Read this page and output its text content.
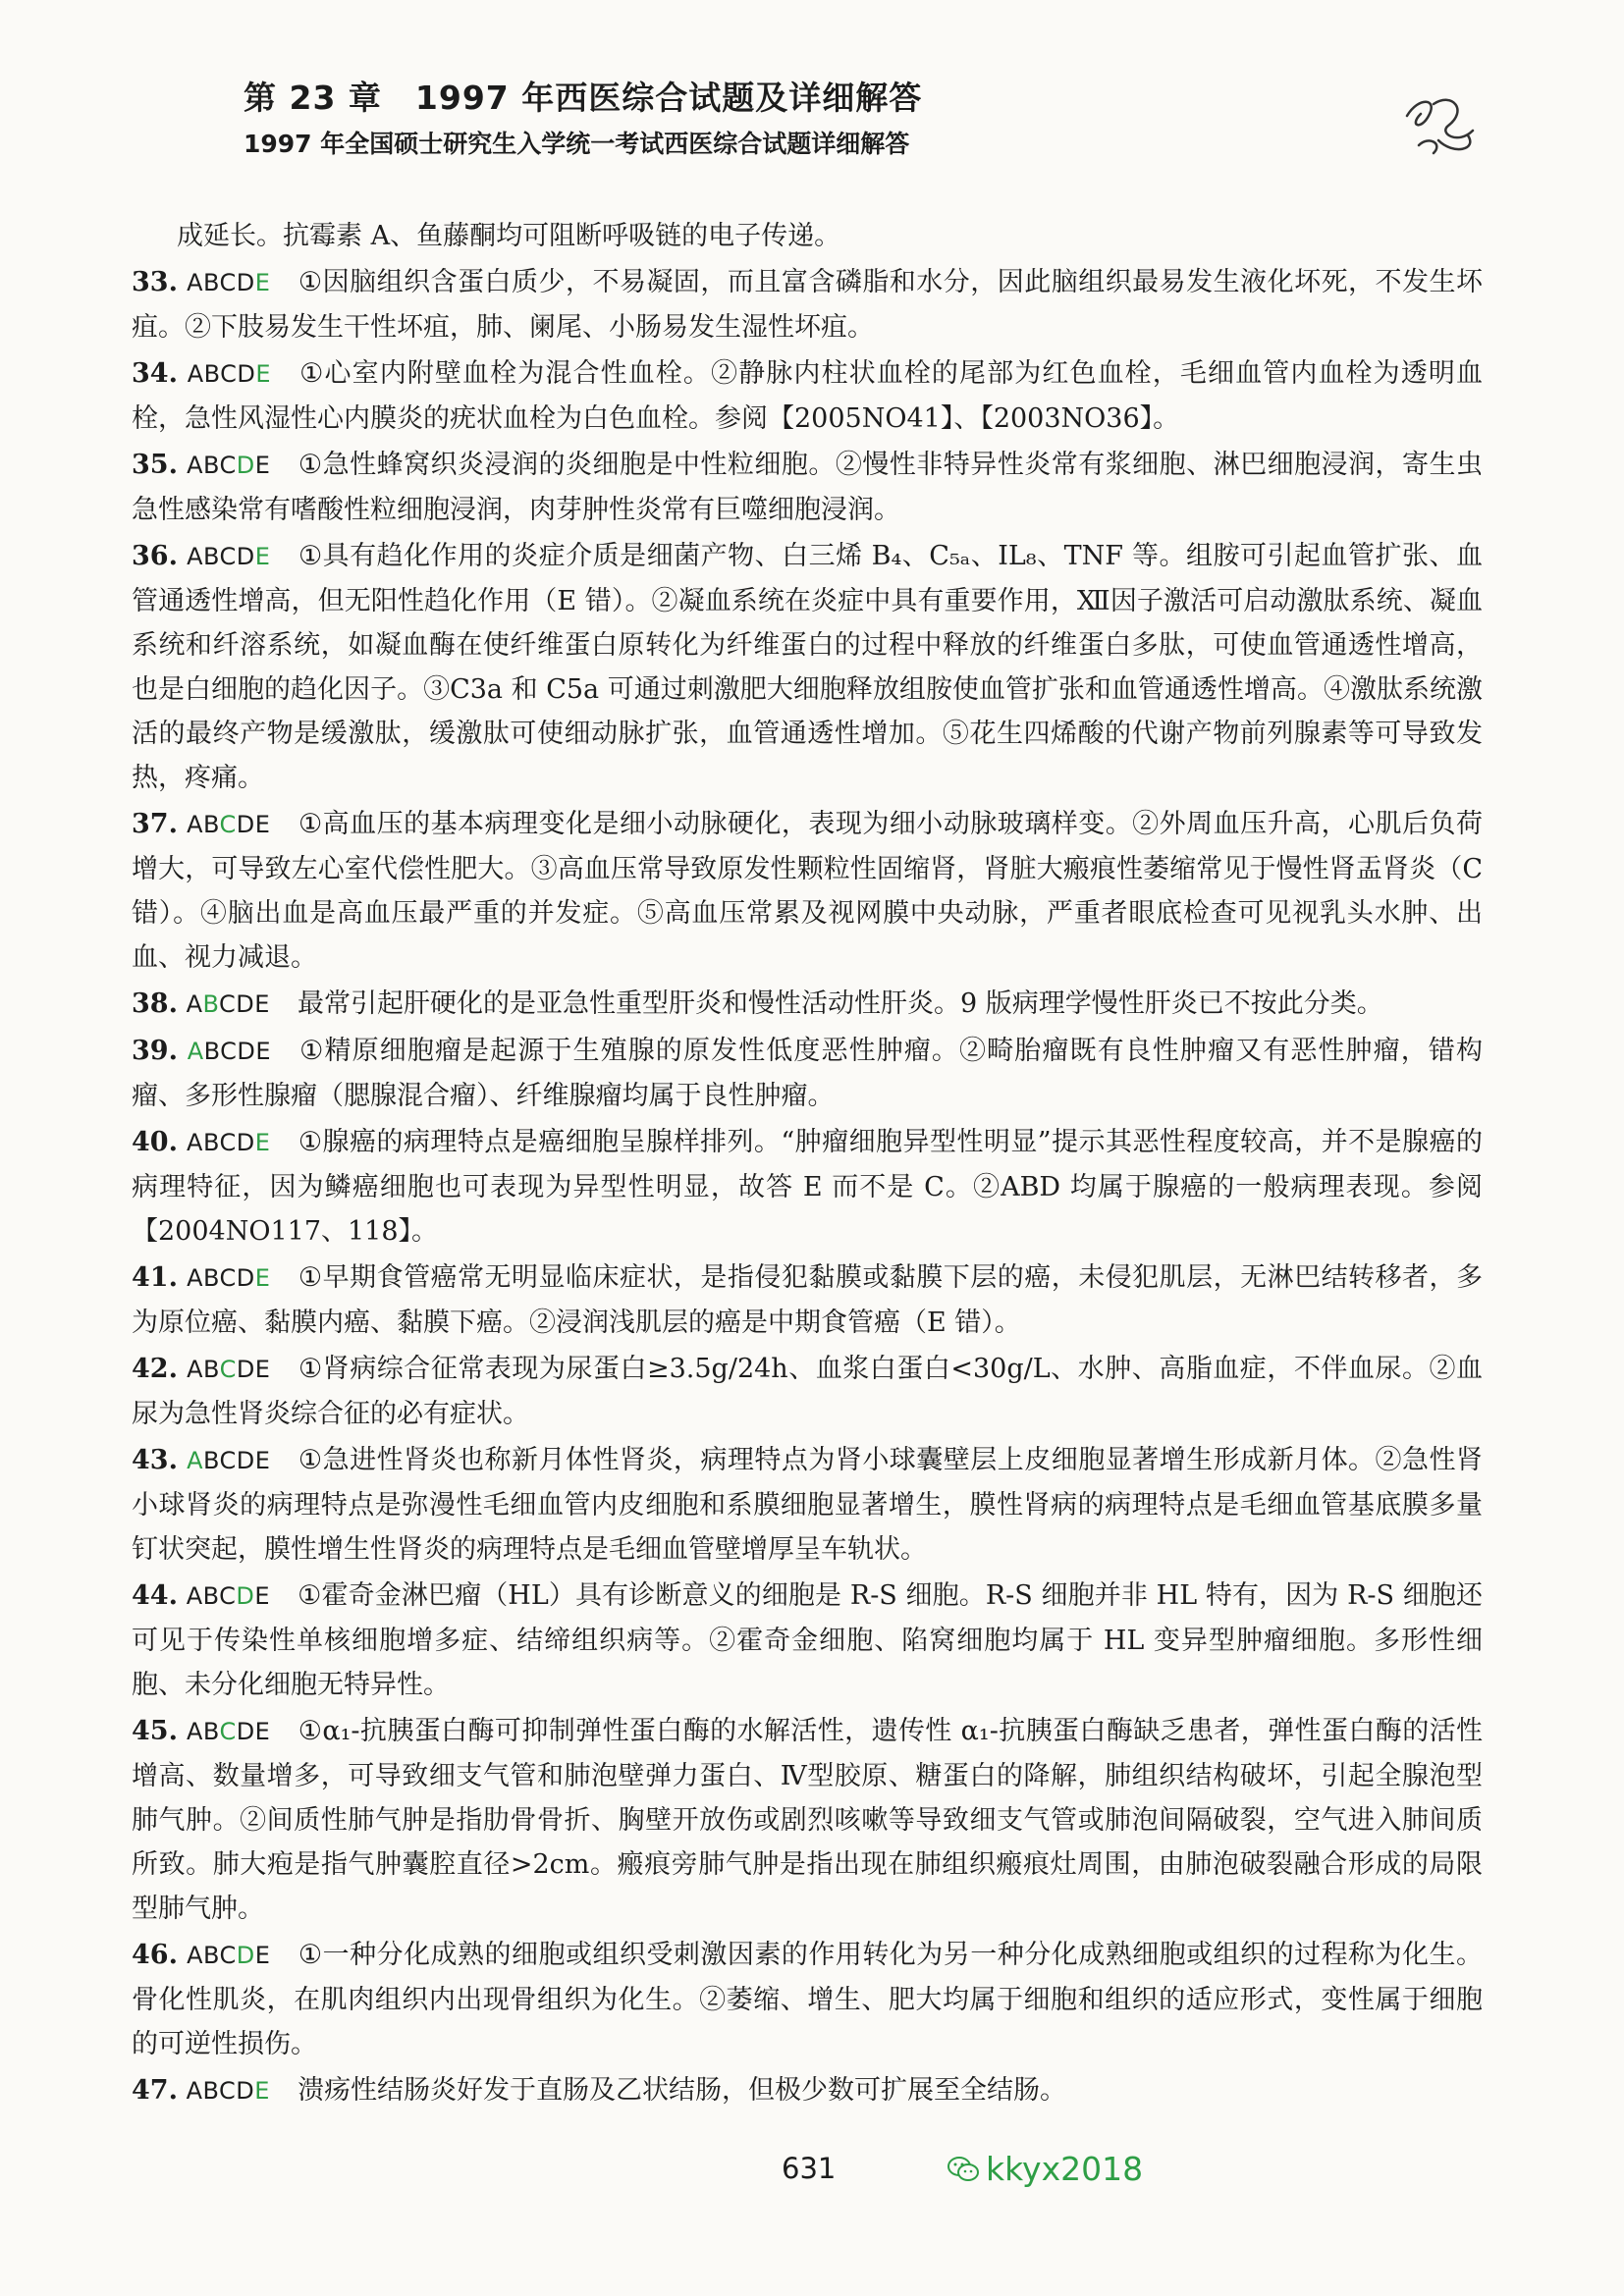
第 23 章　1997 年西医综合试题及详细解答
1997 年全国硕士研究生入学统一考试西医综合试题详细解答
成延长。抗霉素 A、鱼藤酮均可阻断呼吸链的电子传递。
33. ABCDE ①因脑组织含蛋白质少，不易凝固，而且富含磷脂和水分，因此脑组织最易发生液化坏死，不发生坏疽。②下肢易发生干性坏疽，肺、阑尾、小肠易发生湿性坏疽。
34. ABCDE ①心室内附壁血栓为混合性血栓。②静脉内柱状血栓的尾部为红色血栓，毛细血管内血栓为透明血栓，急性风湿性心内膜炎的疣状血栓为白色血栓。参阅【2005NO41】、【2003NO36】。
35. ABCDE ①急性蜂窝织炎浸润的炎细胞是中性粒细胞。②慢性非特异性炎常有浆细胞、淋巴细胞浸润，寄生虫急性感染常有嗜酸性粒细胞浸润，肉芽肿性炎常有巨噬细胞浸润。
36. ABCDE ①具有趋化作用的炎症介质是细菌产物、白三烯 B₄、C₅ₐ、IL₈、TNF 等。组胺可引起血管扩张、血管通透性增高，但无阳性趋化作用（E 错）。②凝血系统在炎症中具有重要作用，Ⅻ因子激活可启动激肽系统、凝血系统和纤溶系统，如凝血酶在使纤维蛋白原转化为纤维蛋白的过程中释放的纤维蛋白多肽，可使血管通透性增高，也是白细胞的趋化因子。③C3a 和 C5a 可通过刺激肥大细胞释放组胺使血管扩张和血管通透性增高。④激肽系统激活的最终产物是缓激肽，缓激肽可使细动脉扩张，血管通透性增加。⑤花生四烯酸的代谢产物前列腺素等可导致发热，疼痛。
37. ABCDE ①高血压的基本病理变化是细小动脉硬化，表现为细小动脉玻璃样变。②外周血压升高，心肌后负荷增大，可导致左心室代偿性肥大。③高血压常导致原发性颗粒性固缩肾，肾脏大瘢痕性萎缩常见于慢性肾盂肾炎（C 错）。④脑出血是高血压最严重的并发症。⑤高血压常累及视网膜中央动脉，严重者眼底检查可见视乳头水肿、出血、视力减退。
38. ABCDE 最常引起肝硬化的是亚急性重型肝炎和慢性活动性肝炎。9 版病理学慢性肝炎已不按此分类。
39. ABCDE ①精原细胞瘤是起源于生殖腺的原发性低度恶性肿瘤。②畸胎瘤既有良性肿瘤又有恶性肿瘤，错构瘤、多形性腺瘤（腮腺混合瘤）、纤维腺瘤均属于良性肿瘤。
40. ABCDE ①腺癌的病理特点是癌细胞呈腺样排列。“肿瘤细胞异型性明显”提示其恶性程度较高，并不是腺癌的病理特征，因为鳞癌细胞也可表现为异型性明显，故答 E 而不是 C。②ABD 均属于腺癌的一般病理表现。参阅【2004NO117、118】。
41. ABCDE ①早期食管癌常无明显临床症状，是指侵犯黏膜或黏膜下层的癌，未侵犯肌层，无淋巴结转移者，多为原位癌、黏膜内癌、黏膜下癌。②浸润浅肌层的癌是中期食管癌（E 错）。
42. ABCDE ①肾病综合征常表现为尿蛋白≥3.5g/24h、血浆白蛋白<30g/L、水肿、高脂血症，不伴血尿。②血尿为急性肾炎综合征的必有症状。
43. ABCDE ①急进性肾炎也称新月体性肾炎，病理特点为肾小球囊壁层上皮细胞显著增生形成新月体。②急性肾小球肾炎的病理特点是弥漫性毛细血管内皮细胞和系膜细胞显著增生，膜性肾病的病理特点是毛细血管基底膜多量钉状突起，膜性增生性肾炎的病理特点是毛细血管壁增厚呈车轨状。
44. ABCDE ①霍奇金淋巴瘤（HL）具有诊断意义的细胞是 R-S 细胞。R-S 细胞并非 HL 特有，因为 R-S 细胞还可见于传染性单核细胞增多症、结缔组织病等。②霍奇金细胞、陷窝细胞均属于 HL 变异型肿瘤细胞。多形性细胞、未分化细胞无特异性。
45. ABCDE ①α₁-抗胰蛋白酶可抑制弹性蛋白酶的水解活性，遗传性 α₁-抗胰蛋白酶缺乏患者，弹性蛋白酶的活性增高、数量增多，可导致细支气管和肺泡壁弹力蛋白、Ⅳ型胶原、糖蛋白的降解，肺组织结构破坏，引起全腺泡型肺气肿。②间质性肺气肿是指肋骨骨折、胸壁开放伤或剧烈咳嗽等导致细支气管或肺泡间隔破裂，空气进入肺间质所致。肺大疱是指气肿囊腔直径>2cm。瘢痕旁肺气肿是指出现在肺组织瘢痕灶周围，由肺泡破裂融合形成的局限型肺气肿。
46. ABCDE ①一种分化成熟的细胞或组织受刺激因素的作用转化为另一种分化成熟细胞或组织的过程称为化生。骨化性肌炎，在肌肉组织内出现骨组织为化生。②萎缩、增生、肥大均属于细胞和组织的适应形式，变性属于细胞的可逆性损伤。
47. ABCDE 溃疡性结肠炎好发于直肠及乙状结肠，但极少数可扩展至全结肠。
631	kkyx2018
